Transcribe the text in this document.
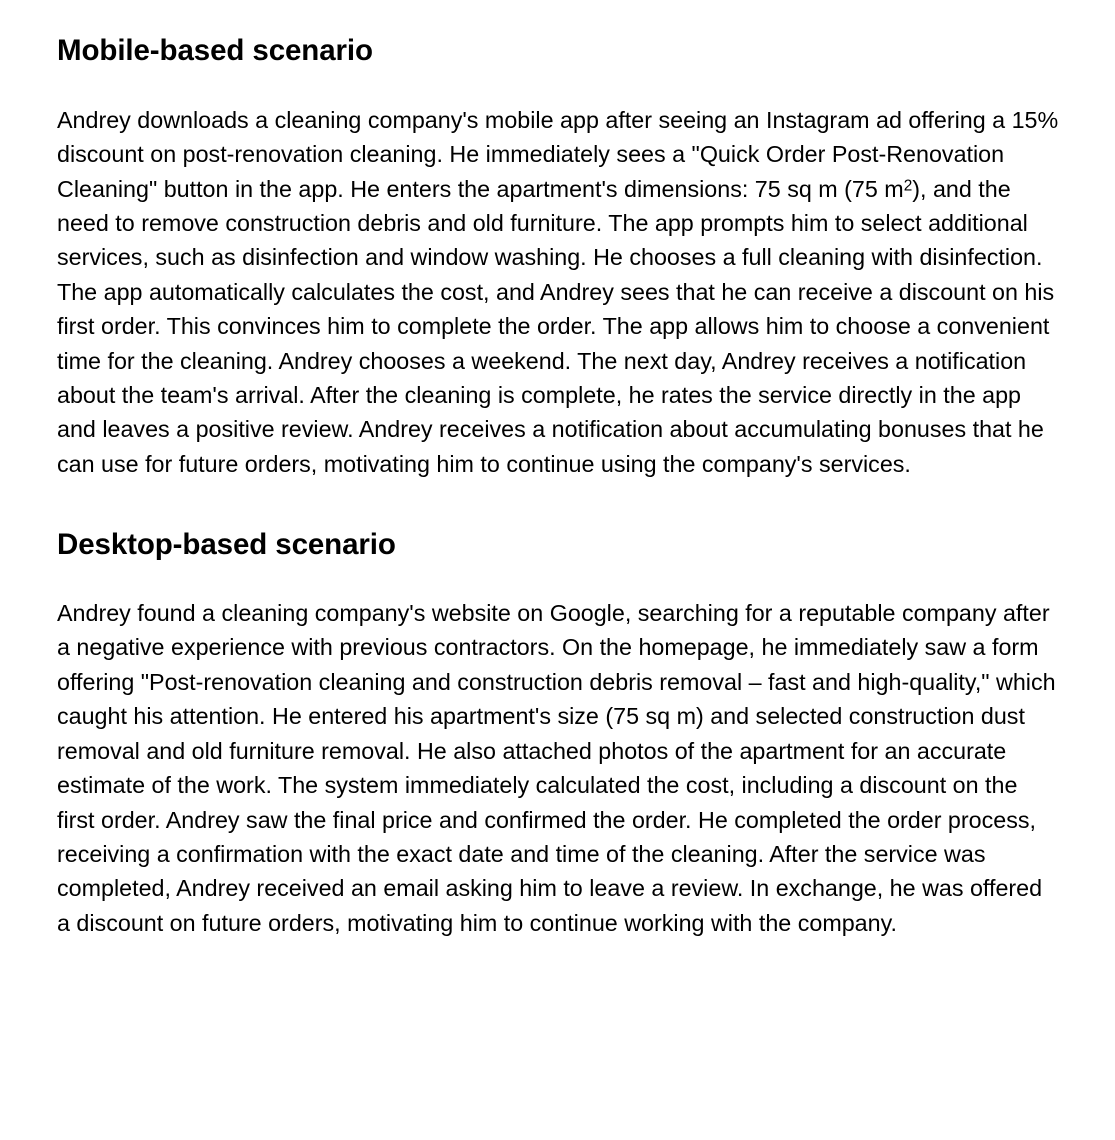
Mobile-based scenario

Andrey downloads a cleaning company's mobile app after seeing an Instagram ad offering a 15% discount on post-renovation cleaning. He immediately sees a "Quick Order Post-Renovation Cleaning" button in the app. He enters the apartment's dimensions: 75 sq m (75 $m^2$), and the need to remove construction debris and old furniture. The app prompts him to select additional services, such as disinfection and window washing. He chooses a full cleaning with disinfection. The app automatically calculates the cost, and Andrey sees that he can receive a discount on his first order. This convinces him to complete the order. The app allows him to choose a convenient time for the cleaning. Andrey chooses a weekend. The next day, Andrey receives a notification about the team's arrival. After the cleaning is complete, he rates the service directly in the app and leaves a positive review. Andrey receives a notification about accumulating bonuses that he can use for future orders, motivating him to continue using the company's services.

Desktop-based scenario

Andrey found a cleaning company's website on Google, searching for a reputable company after a negative experience with previous contractors. On the homepage, he immediately saw a form offering "Post-renovation cleaning and construction debris removal – fast and high-quality," which caught his attention. He entered his apartment's size (75 sq m) and selected construction dust removal and old furniture removal. He also attached photos of the apartment for an accurate estimate of the work. The system immediately calculated the cost, including a discount on the first order. Andrey saw the final price and confirmed the order. He completed the order process, receiving a confirmation with the exact date and time of the cleaning. After the service was completed, Andrey received an email asking him to leave a review. In exchange, he was offered a discount on future orders, motivating him to continue working with the company.
